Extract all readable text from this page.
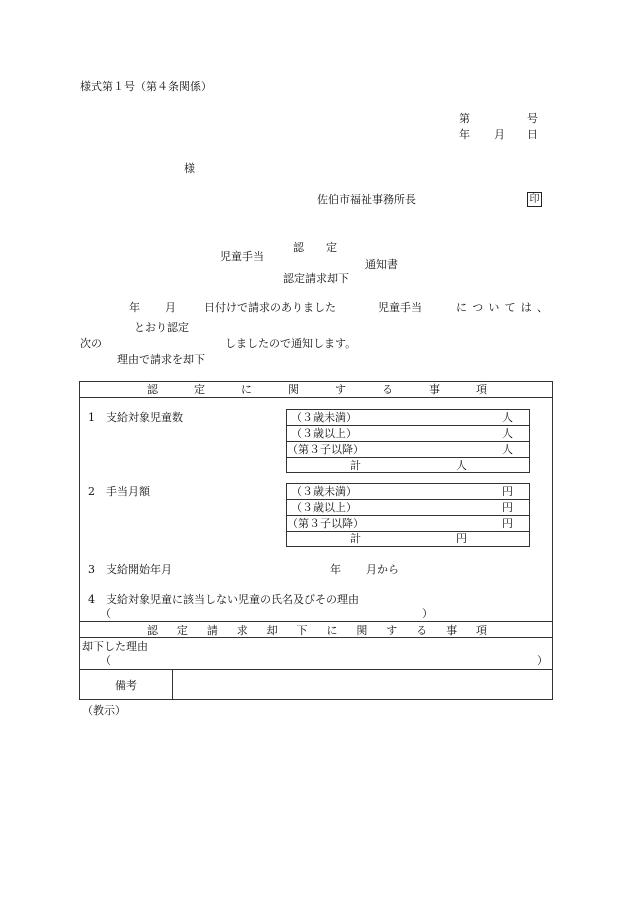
様式第１号（第４条関係）
第	号
年 月 日
様
佐伯市福祉事務所長	印
児童手当
認　　定
通知書
認定請求却下
年 月	日付けで請求のありました	児童手当	に つ い て は 、
とおり認定
次の	しましたので通知します。
理由で請求を却下
認	定	に	関	す	る	事	項
1　支給対象児童数	（３歳未満）	人
（３歳以上）	人
（第３子以降）	人
計	人
2　手当月額	（３歳未満）	円
（３歳以上）	円
（第３子以降）	円
計	円
3　支給開始年月	年 月から
4　支給対象児童に該当しない児童の氏名及びその理由
（	）
認 定 請 求 却 下 に 関 す る 事 項
却下した理由
（	）
備考
（教示）
